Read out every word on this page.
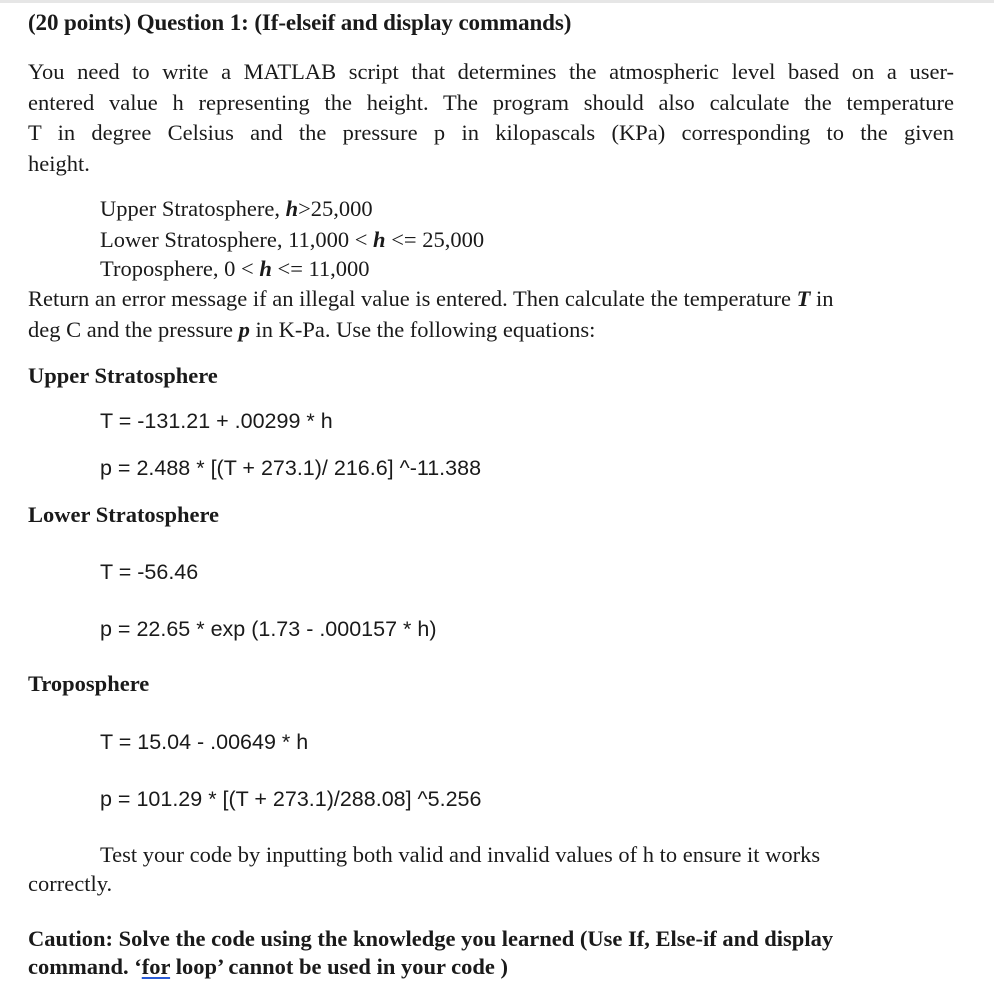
(20 points) Question 1: (If-elseif and display commands)
You need to write a MATLAB script that determines the atmospheric level based on a user-
entered value h representing the height. The program should also calculate the temperature
T in degree Celsius and the pressure p in kilopascals (KPa) corresponding to the given
height.
Upper Stratosphere, h>25,000
Lower Stratosphere, 11,000 < h <= 25,000
Troposphere, 0 < h <= 11,000
Return an error message if an illegal value is entered. Then calculate the temperature T in
deg C and the pressure p in K-Pa. Use the following equations:
Upper Stratosphere
T = -131.21 + .00299 * h
p = 2.488 * [(T + 273.1)/ 216.6] ^-11.388
Lower Stratosphere
T = -56.46
p = 22.65 * exp (1.73 - .000157 * h)
Troposphere
T = 15.04 - .00649 * h
p = 101.29 * [(T + 273.1)/288.08] ^5.256
Test your code by inputting both valid and invalid values of h to ensure it works
correctly.
Caution: Solve the code using the knowledge you learned (Use If, Else-if and display
command. ‘for loop’ cannot be used in your code )
